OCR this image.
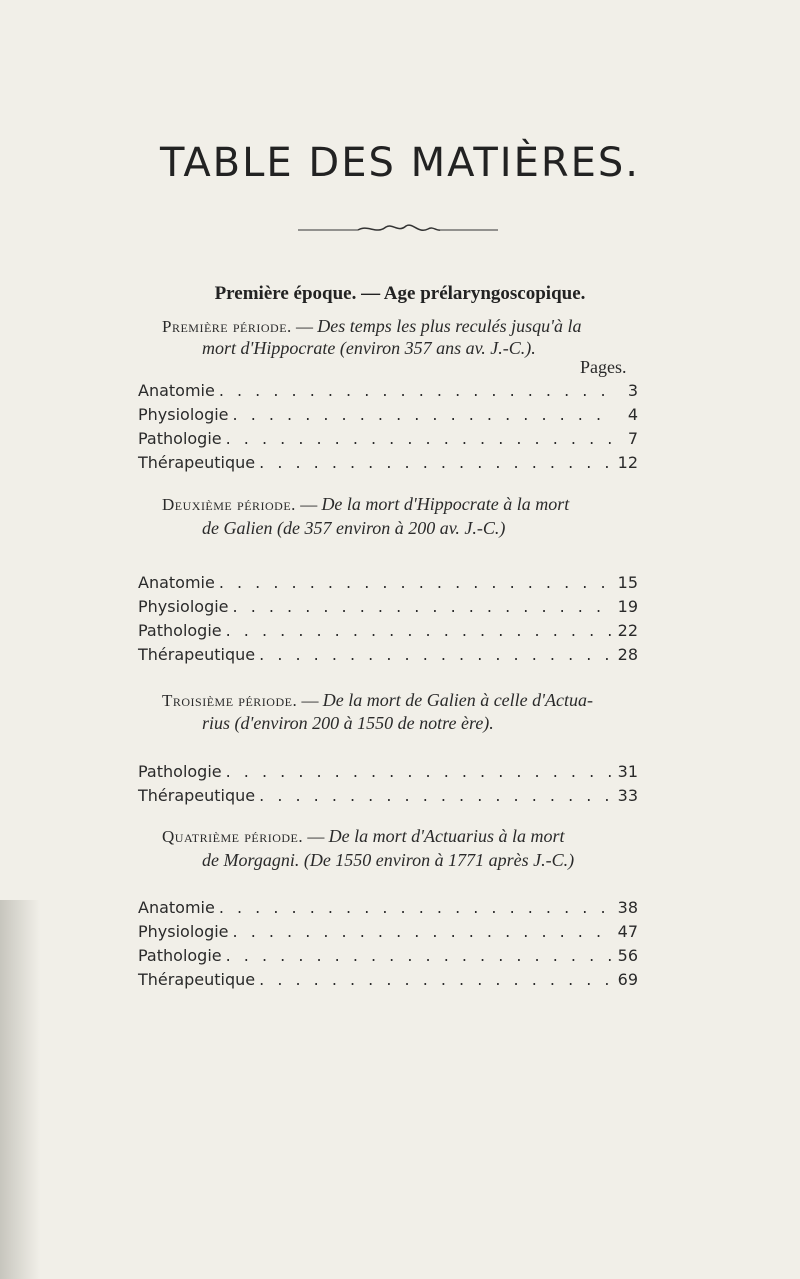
TABLE DES MATIÈRES.
Première époque. — Age prélaryngoscopique.
Première période. — Des temps les plus reculés jusqu'à la
mort d'Hippocrate (environ 357 ans av. J.-C.).
Pages.
Anatomie . . .	3
Physiologie . . .	4
Pathologie . . .	7
Thérapeutique . . .	12
Deuxième période. — De la mort d'Hippocrate à la mort
de Galien (de 357 environ à 200 av. J.-C.)
Anatomie . . .	15
Physiologie . . .	19
Pathologie . . .	22
Thérapeutique . . .	28
Troisième période. — De la mort de Galien à celle d'Actua-
rius (d'environ 200 à 1550 de notre ère).
Pathologie . . .	31
Thérapeutique . . .	33
Quatrième période. — De la mort d'Actuarius à la mort
de Morgagni. (De 1550 environ à 1771 après J.-C.)
Anatomie . . .	38
Physiologie . . .	47
Pathologie . . .	56
Thérapeutique . . .	69
